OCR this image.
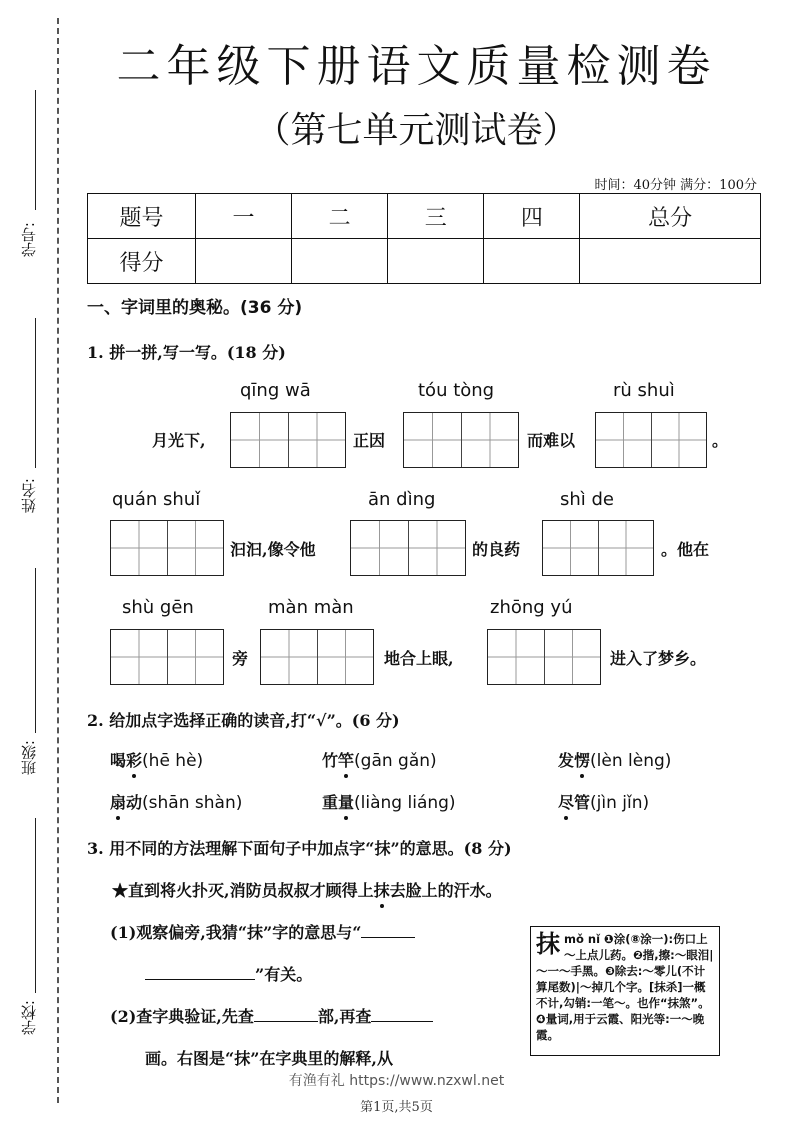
学号:
姓名:
班级:
学校:
二年级下册语文质量检测卷
（第七单元测试卷）
时间：40分钟 满分：100分
题号	一	二	三	四	总分
得分					
一、字词里的奥秘。(36 分)
1. 拼一拼,写一写。(18 分)
qīng wā	tóu tòng	rù shuì
月光下,	正因	而难以	。
quán shuǐ	ān dìng	shì de
汩汩,像令他	的良药	。他在
shù gēn	màn màn	zhōng yú
旁	地合上眼,	进入了梦乡。
2. 给加点字选择正确的读音,打“√”。(6 分)
喝彩(hē hè)	竹竿(gān gǎn)	发愣(lèn lèng)
扇动(shān shàn)	重量(liàng liáng)	尽管(jìn jǐn)
3. 用不同的方法理解下面句子中加点字“抹”的意思。(8 分)
★直到将火扑灭,消防员叔叔才顾得上抹去脸上的汗水。
(1)观察偏旁,我猜“抹”字的意思与“
”有关。
(2)查字典验证,先查	部,再查
画。右图是“抹”在字典里的解释,从
抹mǒ nǐ ❶涂(⑧涂一):伤口上～上点儿药。❷揩,擦:～眼泪|～一～手黑。❸除去:～零儿(不计算尾数)|～掉几个字。[抹杀]一概不计,勾销:一笔～。也作“抹煞”。❹量词,用于云霞、阳光等:一～晚霞。
有渔有礼 https://www.nzxwl.net
第1页,共5页
